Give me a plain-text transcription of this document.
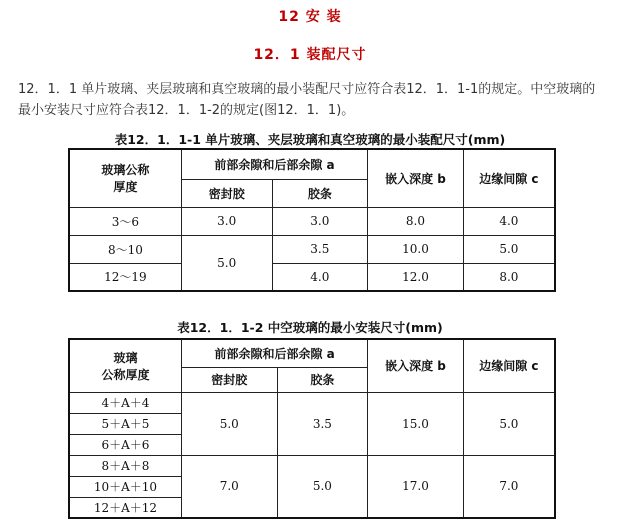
12 安 装
12．1 装配尺寸
12．1．1 单片玻璃、夹层玻璃和真空玻璃的最小装配尺寸应符合表12．1．1-1的规定。中空玻璃的
最小安装尺寸应符合表12．1．1-2的规定(图12．1．1)。
表12．1．1-1 单片玻璃、夹层玻璃和真空玻璃的最小装配尺寸(mm)
玻璃公称
厚度	前部余隙和后部余隙 a		嵌入深度 b	边缘间隙 c
	密封胶	胶条		
3～6	3.0	3.0	8.0	4.0
8～10	5.0	3.5	10.0	5.0
12～19		4.0	12.0	8.0
表12．1．1-2 中空玻璃的最小安装尺寸(mm)
玻璃
公称厚度	前部余隙和后部余隙 a		嵌入深度 b	边缘间隙 c
	密封胶	胶条		
4＋A＋4	5.0	3.5	15.0	5.0
5＋A＋5				
6＋A＋6				
8＋A＋8	7.0	5.0	17.0	7.0
10＋A＋10				
12＋A＋12				
